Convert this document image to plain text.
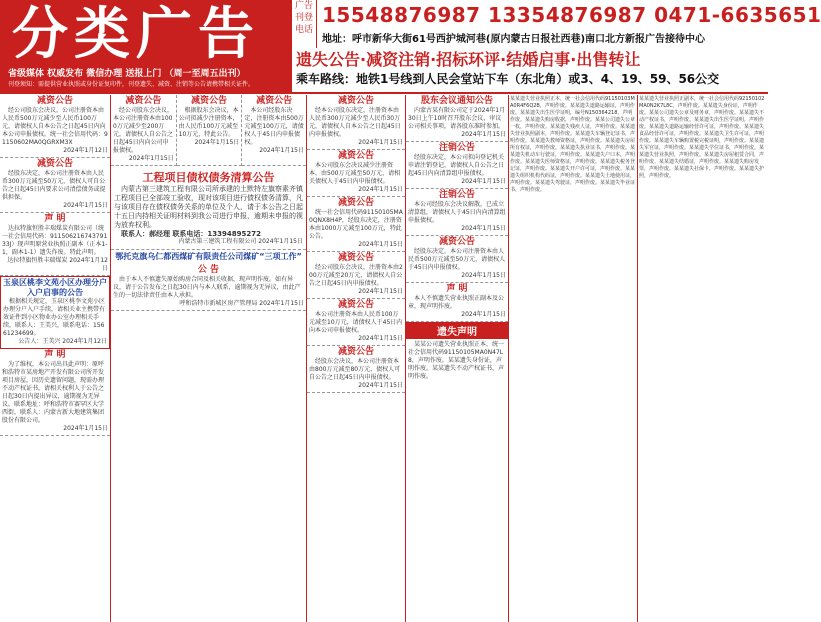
分类广告
省级媒体 权威发布 微信办理 送报上门 （周一至周五出刊）
刊登须知：需提供营业执照或身份证复印件，刊登遗失、减资、注销等公告请携带相关证件。
广告刊登电话
15548876987 13354876987 0471-6635651
地址：呼市新华大街61号西护城河巷(原内蒙古日报社西巷)南口北方新报广告接待中心
遗失公告·减资注销·招标环评·结婚启事·出售转让
乘车路线：地铁1号线到人民会堂站下车（东北角）或3、4、19、59、56公交
减资公告
经公司股东会决议，公司注册资本由人民币500万元减少至人民币100万元，请债权人自本公告之日起45日内向本公司申报债权。统一社会信用代码：91150602MA0QGRXM3X
2024年1月12日
减资公告
经股东决定，本公司注册资本由人民币300万元减至50万元，债权人可自公告之日起45日内要求公司清偿债务或提供担保。
2024年1月15日
声 明
达拉特旗恒胜丰瑞煤炭有限公司（统一社会信用代码：91150621674379133J）现声明原营业执照正副本（正本1-1，副本1-1）遗失作废。特此声明。
达拉特旗恒胜丰瑞煤炭 2024年1月12日
玉泉区桃李文苑小区办理分户入户启事的公告
根据相关规定，玉泉区桃李文苑小区办理分户入户手续，请相关业主携带有效证件到小区物业办公室办理相关手续，联系人：王美兴，联系电话：15661234699。
公告人：王美兴 2024年1月12日
声 明
为了维权，本公司出具此声明：原呼和浩特市某房地产开发有限公司所开发项目房屋，因历史遗留问题，现需办理不动产权证书，请相关权利人于公告之日起30日内提出异议，逾期视为无异议。联系地址：呼和浩特市赛罕区大学西街，联系人：内蒙古新大地建筑集团股份有限公司。
2024年1月15日
减资公告
经公司股东会决议，本公司注册资本由1000万元减少至200万元，请债权人自公告之日起45日内向公司申报债权。
2024年1月15日
减资公告
根据股东会决议，本公司拟减少注册资本，由人民币100万元减至10万元，特此公告。
2024年1月15日
减资公告
本公司经股东决定，注册资本由500万元减至100万元，请债权人于45日内申报债权。
2024年1月15日
工程项目债权债务清算公告
内蒙古第三建筑工程有限公司所承建的土默特左旗察素齐镇工程项目已全部竣工验收，现对该项目进行债权债务清算，凡与该项目存在债权债务关系的单位及个人，请于本公告之日起十五日内持相关证明材料到我公司进行申报，逾期未申报的视为放弃权利。
联系人：郝经理 联系电话：13394895272
内蒙古第三建筑工程有限公司 2024年1月15日
鄂托克旗乌仁都西煤矿有限责任公司煤矿“三项工作”
公 告
由于本人不慎遗失原始购房合同及相关收据，现声明作废。如有异议，请于公告发布之日起30日内与本人联系，逾期视为无异议，由此产生的一切法律责任由本人承担。
呼和浩特市新城区房产管理局 2024年1月15日
减资公告
经本公司股东决定，注册资本由人民币300万元减少至人民币30万元，请债权人自本公告之日起45日内申报债权。
2024年1月15日
减资公告
本公司股东会决议减少注册资本，由500万元减至50万元，请相关债权人于45日内申报债权。
2024年1月15日
减资公告
统一社会信用代码91150105MA0QNX8H4P，经股东决定，注册资本由1000万元减至100万元，特此公告。
2024年1月15日
减资公告
经公司股东会决议，注册资本由200万元减至20万元，请债权人自公告之日起45日内申报债权。
2024年1月15日
减资公告
本公司注册资本由人民币100万元减至10万元，请债权人于45日内向本公司申报债权。
2024年1月15日
减资公告
经股东会决议，本公司注册资本由800万元减至80万元，债权人可自公告之日起45日内申报债权。
2024年1月15日
股东会议通知公告
内蒙古某有限公司定于2024年1月30日上午10时召开股东会议，审议公司相关事项，请各股东准时参加。
2024年1月15日
注销公告
经股东决定，本公司拟向登记机关申请注销登记，请债权人自公告之日起45日内向清算组申报债权。
2024年1月15日
注销公告
本公司经股东会决议解散，已成立清算组，请债权人于45日内向清算组申报债权。
2024年1月15日
减资公告
经股东决定，本公司注册资本由人民币500万元减至50万元，请债权人于45日内申报债权。
2024年1月15日
声 明
本人不慎遗失营业执照正副本及公章，现声明作废。
2024年1月15日
遗失声明
某某公司遗失营业执照正本，统一社会信用代码91150105MA0N47L8，声明作废。某某遗失身份证，声明作废。某某遗失不动产权证书，声明作废。
某某遗失营业执照正本，统一社会信用代码91150103MA0R4F6Q2B，声明作废。某某遗失道路运输证，声明作废。某某遗失出生医学证明，编号N150364218，声明作废。某某遗失购房收据，声明作废。某某公司遗失公章一枚，声明作废。某某遗失残疾人证，声明作废。某某遗失营业执照副本，声明作废。某某遗失车辆登记证书，声明作废。某某遗失教师资格证，声明作废。某某遗失房屋所有权证，声明作废。某某遗失执业证书，声明作废。某某遗失机动车行驶证，声明作废。某某遗失户口本，声明作废。某某遗失医师资格证，声明作废。某某遗失税务登记证，声明作废。某某遗失开户许可证，声明作废。某某遗失组织机构代码证，声明作废。某某遗失土地使用证，声明作废。某某遗失驾驶证，声明作废。某某遗失毕业证书，声明作废。
某某遗失营业执照正副本，统一社会信用代码92150102MA0N2K7L8C，声明作废。某某遗失身份证，声明作废。某某公司遗失公章及财务章，声明作废。某某遗失不动产权证书，声明作废。某某遗失出生医学证明，声明作废。某某遗失道路运输经营许可证，声明作废。某某遗失食品经营许可证，声明作废。某某遗失卫生许可证，声明作废。某某遗失车辆购置税完税证明，声明作废。某某遗失军官证，声明作废。某某遗失学位证书，声明作废。某某遗失营业执照，声明作废。某某遗失房屋租赁合同，声明作废。某某遗失结婚证，声明作废。某某遗失购房发票，声明作废。某某遗失社保卡，声明作废。某某遗失护照，声明作废。
